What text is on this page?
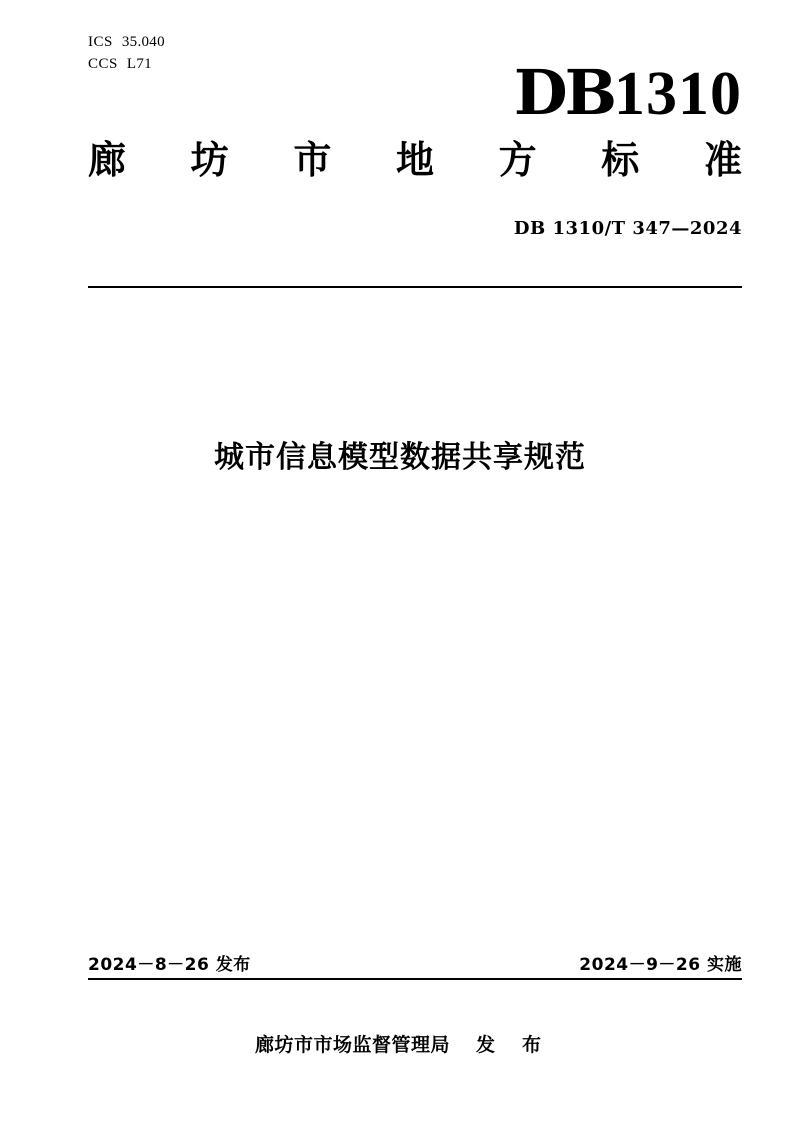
ICS 35.040
CCS L71	DB1310
廊 坊 市 地 方 标 准
DB 1310/T 347—2024
城市信息模型数据共享规范
2024－8－26 发布	2024－9－26 实施
廊坊市市场监督管理局 发　布
